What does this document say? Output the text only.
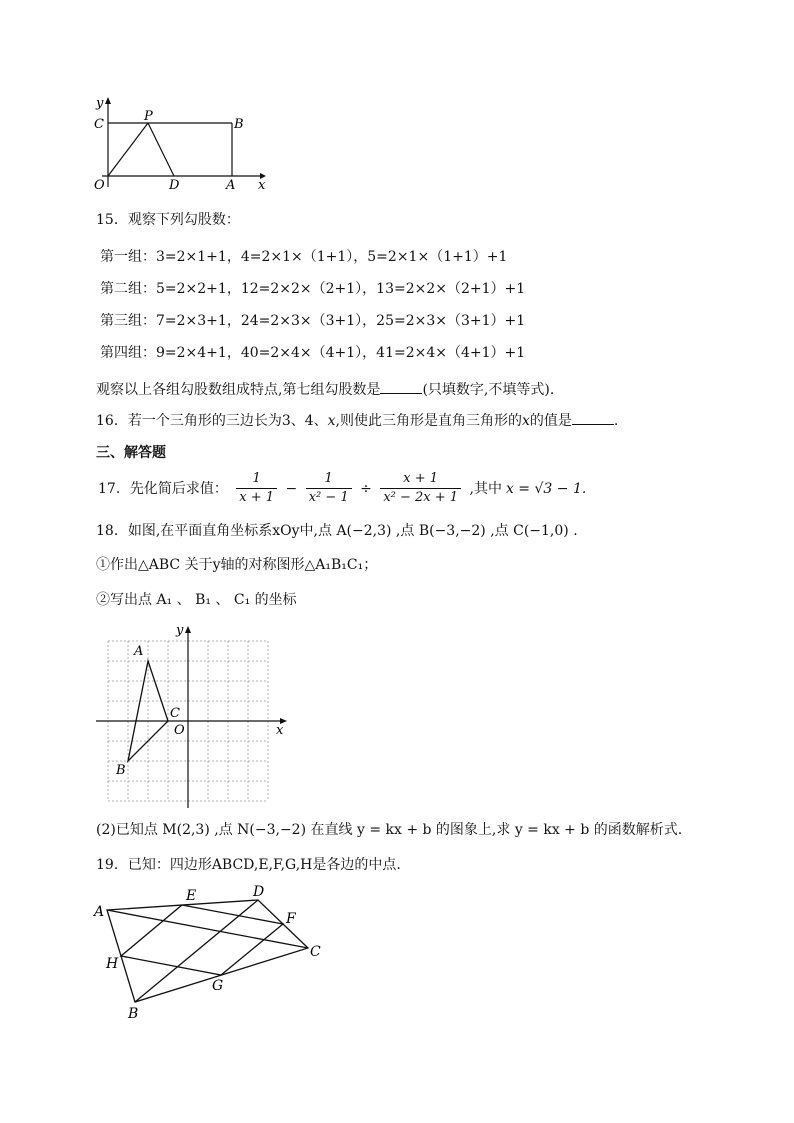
y
C
P
B
O	D	A x
15．观察下列勾股数：
第一组：3=2×1+1，4=2×1×（1+1），5=2×1×（1+1）+1
第二组：5=2×2+1，12=2×2×（2+1），13=2×2×（2+1）+1
第三组：7=2×3+1，24=2×3×（3+1），25=2×3×（3+1）+1
第四组：9=2×4+1，40=2×4×（4+1），41=2×4×（4+1）+1
观察以上各组勾股数组成特点,第七组勾股数是	(只填数字,不填等式).
16．若一个三角形的三边长为3、4、x,则使此三角形是直角三角形的x的值是	.
三、解答题
17．先化简后求值： $\frac{1}{x + 1} - \frac{1}{\text{x² − 1}} \div \frac{x + 1}{\text{x² − 2x + 1}}$ ,其中 x = √3 − 1.
18．如图,在平面直角坐标系xOy中,点 A(−2,3) ,点 B(−3,−2) ,点 C(−1,0) .
①作出△ABC 关于y轴的对称图形△A₁B₁C₁；
②写出点 A₁ 、 B₁ 、 C₁ 的坐标
y
A
C
O	x
B
(2)已知点 M(2,3) ,点 N(−3,−2) 在直线 y = kx + b 的图象上,求 y = kx + b 的函数解析式.
19．已知：四边形ABCD,E,F,G,H是各边的中点.
A
E	D
F
C
H
G
B
